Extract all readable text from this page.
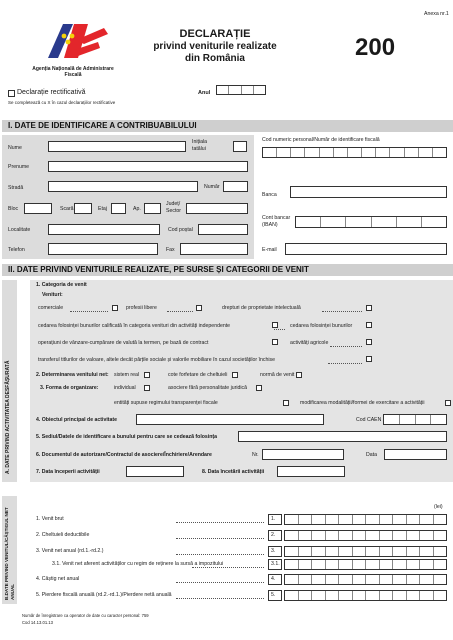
Anexa nr.1
Agenția Națională de Administrare
Fiscală
DECLARAȚIE
privind veniturile realizate
din România	200
Anul
Declarație rectificativă
Se completează cu X în cazul declarațiilor rectificative
I. DATE DE IDENTIFICARE A CONTRIBUABILULUI
Nume
Inițiala
tatălui
Cod numeric personal/Număr de identificare fiscală
Prenume
Stradă	Număr
Bloc	Scară	Etaj	Ap.
Județ/
Sector
Banca
Localitate	Cod poștal
Cont bancar
(IBAN)
Telefon	Fax	E-mail
II. DATE PRIVIND VENITURILE REALIZATE, PE SURSE ȘI CATEGORII DE VENIT
A. DATE PRIVIND ACTIVITATEA DESFĂȘURATĂ
1. Categoria de venit
Venituri:
comerciale	profesii libere	drepturi de proprietate intelectuală
cedarea folosinței bunurilor calificată în categoria venituri din activități independente	cedarea folosinței bunurilor
operațiuni de vânzare-cumpărare de valută la termen, pe bază de contract	activități agricole
transferul titlurilor de valoare, altele decât părțile sociale și valorile mobiliare în cazul societăților închise
2. Determinarea venitului net: sistem real	cote forfetare de cheltuieli	normă de venit
3. Forma de organizare:	individual	asociere fără personalitate juridică
entități supuse regimului transparenței fiscale	modificarea modalității/formei de exercitare a activității
4. Obiectul principal de activitate	Cod CAEN
5. Sediul/Datele de identificare a bunului pentru care se cedează folosința
6. Documentul de autorizare/Contractul de asociere/Închiriere/Arendare	Nr.	Data
7. Data începerii activității	8. Data încetării activității
B.DATE PRIVIND VENITUL/CÂȘTIGUL NET ANUAL
(lei)
1. Venit brut	1.
2. Cheltuieli deductibile	2.
3. Venit net anual (rd.1.-rd.2.)	3.
3.1. Venit net aferent activităților cu regim de reținere la sursă a impozitului	3.1.
4. Câștig net anual	4.
5. Pierdere fiscală anuală (rd.2.-rd.1.)/Pierdere netă anuală	5.
Număr de înregistrare ca operator de date cu caracter personal: 759
Cod 14.13.01.13
